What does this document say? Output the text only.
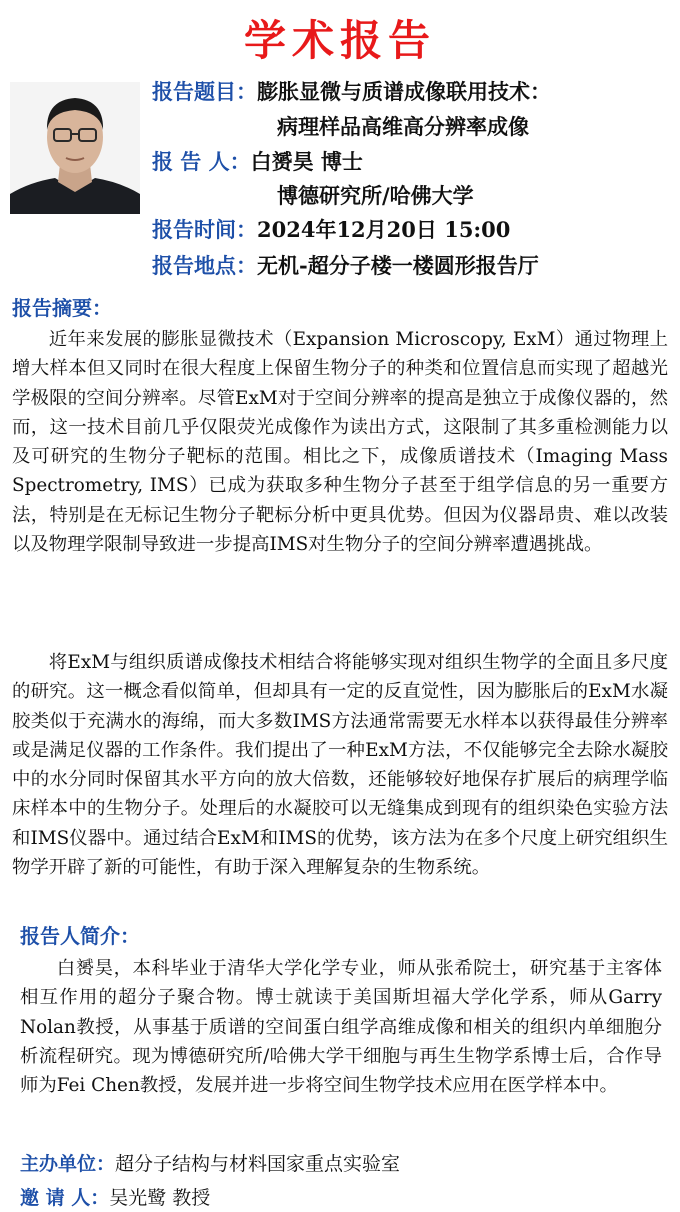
学术报告
报告题目：膨胀显微与质谱成像联用技术：
病理样品高维高分辨率成像
报 告 人：白赟昊 博士
博德研究所/哈佛大学
报告时间：2024年12月20日 15:00
报告地点：无机-超分子楼一楼圆形报告厅
报告摘要：

近年来发展的膨胀显微技术（Expansion Microscopy, ExM）通过物理上增大样本但又同时在很大程度上保留生物分子的种类和位置信息而实现了超越光学极限的空间分辨率。尽管ExM对于空间分辨率的提高是独立于成像仪器的，然而，这一技术目前几乎仅限荧光成像作为读出方式，这限制了其多重检测能力以及可研究的生物分子靶标的范围。相比之下，成像质谱技术（Imaging Mass Spectrometry, IMS）已成为获取多种生物分子甚至于组学信息的另一重要方法，特别是在无标记生物分子靶标分析中更具优势。但因为仪器昂贵、难以改装以及物理学限制导致进一步提高IMS对生物分子的空间分辨率遭遇挑战。

将ExM与组织质谱成像技术相结合将能够实现对组织生物学的全面且多尺度的研究。这一概念看似简单，但却具有一定的反直觉性，因为膨胀后的ExM水凝胶类似于充满水的海绵，而大多数IMS方法通常需要无水样本以获得最佳分辨率或是满足仪器的工作条件。我们提出了一种ExM方法，不仅能够完全去除水凝胶中的水分同时保留其水平方向的放大倍数，还能够较好地保存扩展后的病理学临床样本中的生物分子。处理后的水凝胶可以无缝集成到现有的组织染色实验方法和IMS仪器中。通过结合ExM和IMS的优势，该方法为在多个尺度上研究组织生物学开辟了新的可能性，有助于深入理解复杂的生物系统。

报告人简介：

白赟昊，本科毕业于清华大学化学专业，师从张希院士，研究基于主客体相互作用的超分子聚合物。博士就读于美国斯坦福大学化学系，师从Garry Nolan教授，从事基于质谱的空间蛋白组学高维成像和相关的组织内单细胞分析流程研究。现为博德研究所/哈佛大学干细胞与再生生物学系博士后，合作导师为Fei Chen教授，发展并进一步将空间生物学技术应用在医学样本中。

主办单位：超分子结构与材料国家重点实验室
邀 请 人：吴光鹭 教授
